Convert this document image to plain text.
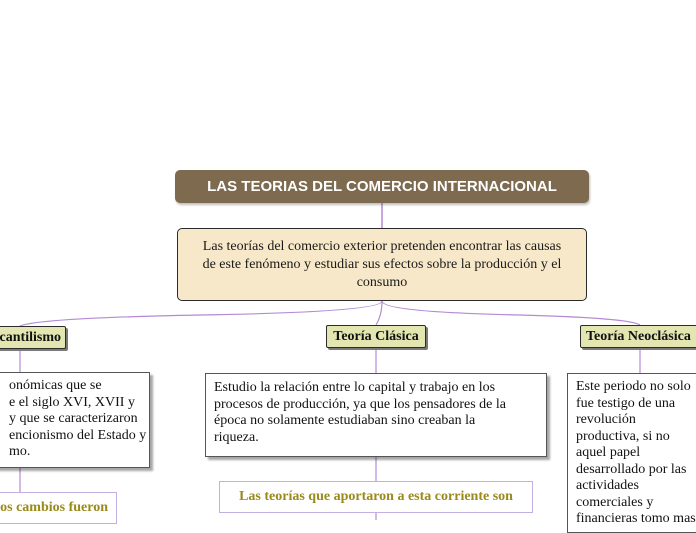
LAS TEORIAS DEL COMERCIO INTERNACIONAL
Las teorías del comercio exterior pretenden encontrar las causas de este fenómeno y estudiar sus efectos sobre la producción y el consumo
cantilismo	Teoría Clásica	Teoría Neoclásica
onómicas que se
e el siglo XVI, XVII y
y que se caracterizaron
encionismo del Estado y
mo.
Estudio la relación entre lo capital y trabajo en los
procesos de producción, ya que los pensadores de la
época no solamente estudiaban sino creaban la
riqueza.
Este periodo no solo
fue testigo de una
revolución
productiva, si no
aquel papel
desarrollado por las
actividades
comerciales y
financieras tomo mas
os cambios fueron
Las teorías que aportaron a esta corriente son
